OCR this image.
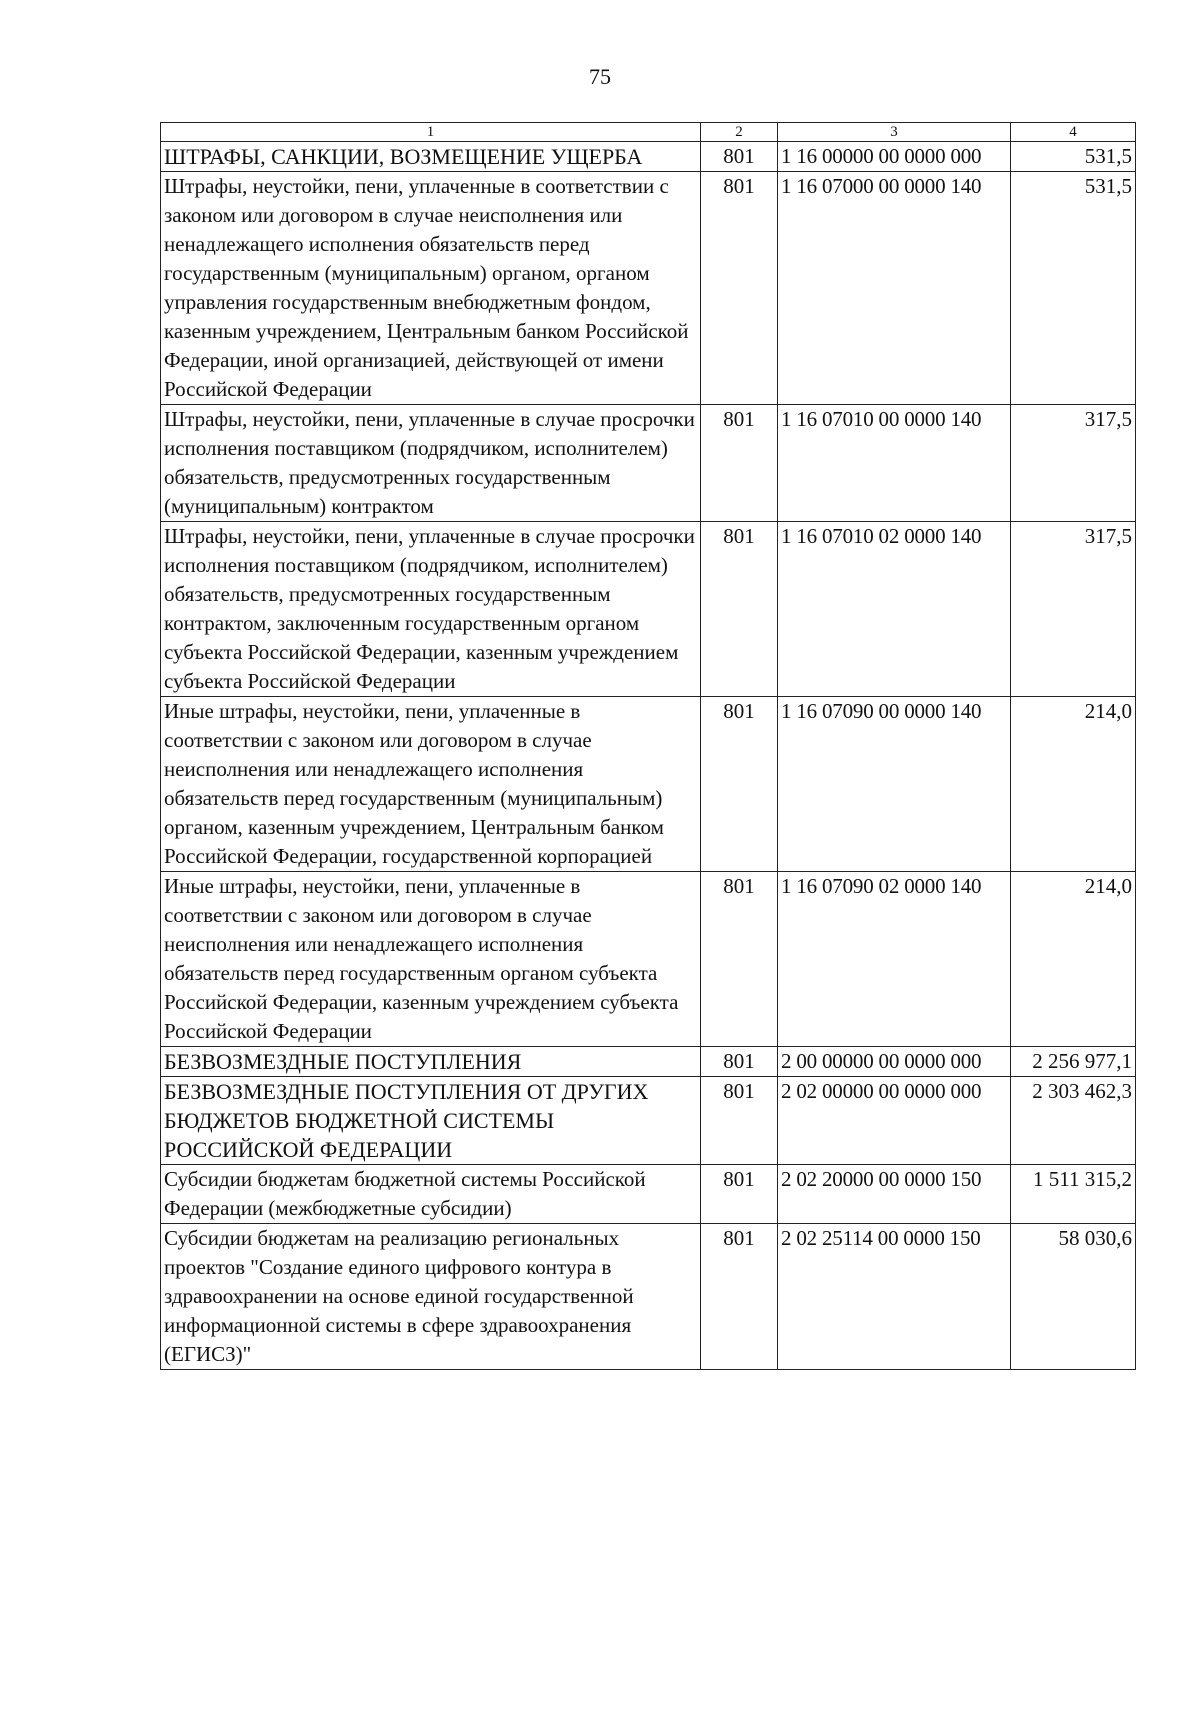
75
1	2	3	4
ШТРАФЫ, САНКЦИИ, ВОЗМЕЩЕНИЕ УЩЕРБА	801	1 16 00000 00 0000 000	531,5
Штрафы, неустойки, пени, уплаченные в соответствии с законом или договором в случае неисполнения или ненадлежащего исполнения обязательств перед государственным (муниципальным) органом, органом управления государственным внебюджетным фондом, казенным учреждением, Центральным банком Российской Федерации, иной организацией, действующей от имени Российской Федерации	801	1 16 07000 00 0000 140	531,5
Штрафы, неустойки, пени, уплаченные в случае просрочки исполнения поставщиком (подрядчиком, исполнителем) обязательств, предусмотренных государственным (муниципальным) контрактом	801	1 16 07010 00 0000 140	317,5
Штрафы, неустойки, пени, уплаченные в случае просрочки исполнения поставщиком (подрядчиком, исполнителем) обязательств, предусмотренных государственным контрактом, заключенным государственным органом субъекта Российской Федерации, казенным учреждением субъекта Российской Федерации	801	1 16 07010 02 0000 140	317,5
Иные штрафы, неустойки, пени, уплаченные в соответствии с законом или договором в случае неисполнения или ненадлежащего исполнения обязательств перед государственным (муниципальным) органом, казенным учреждением, Центральным банком Российской Федерации, государственной корпорацией	801	1 16 07090 00 0000 140	214,0
Иные штрафы, неустойки, пени, уплаченные в соответствии с законом или договором в случае неисполнения или ненадлежащего исполнения обязательств перед государственным органом субъекта Российской Федерации, казенным учреждением субъекта Российской Федерации	801	1 16 07090 02 0000 140	214,0
БЕЗВОЗМЕЗДНЫЕ ПОСТУПЛЕНИЯ	801	2 00 00000 00 0000 000	2 256 977,1
БЕЗВОЗМЕЗДНЫЕ ПОСТУПЛЕНИЯ ОТ ДРУГИХ БЮДЖЕТОВ БЮДЖЕТНОЙ СИСТЕМЫ РОССИЙСКОЙ ФЕДЕРАЦИИ	801	2 02 00000 00 0000 000	2 303 462,3
Субсидии бюджетам бюджетной системы Российской Федерации (межбюджетные субсидии)	801	2 02 20000 00 0000 150	1 511 315,2
Субсидии бюджетам на реализацию региональных проектов "Создание единого цифрового контура в здравоохранении на основе единой государственной информационной системы в сфере здравоохранения (ЕГИСЗ)"	801	2 02 25114 00 0000 150	58 030,6
